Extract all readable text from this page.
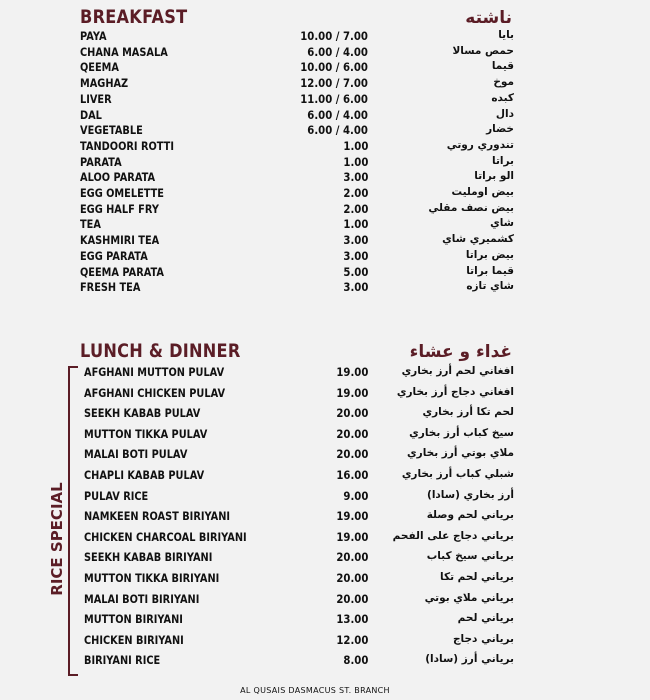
BREAKFAST	ناشته
PAYA	10.00 / 7.00	بايا
CHANA MASALA	6.00 / 4.00	حمص مسالا
QEEMA	10.00 / 6.00	قيما
MAGHAZ	12.00 / 7.00	موخ
LIVER	11.00 / 6.00	كبده
DAL	6.00 / 4.00	دال
VEGETABLE	6.00 / 4.00	خضار
TANDOORI ROTTI	1.00	تندوري روتي
PARATA	1.00	براتا
ALOO PARATA	3.00	الو براتا
EGG OMELETTE	2.00	بيض اومليت
EGG HALF FRY	2.00	بيض نصف مقلي
TEA	1.00	شاي
KASHMIRI TEA	3.00	كشميري شاي
EGG PARATA	3.00	بيض براتا
QEEMA PARATA	5.00	قيما براتا
FRESH TEA	3.00	شاي تازه
LUNCH & DINNER	غداء و عشاء
RICE SPECIAL
AFGHANI MUTTON PULAV	19.00	افغاني لحم أرز بخاري
AFGHANI CHICKEN PULAV	19.00	افغاني دجاج أرز بخاري
SEEKH KABAB PULAV	20.00	لحم تكا أرز بخاري
MUTTON TIKKA PULAV	20.00	سيخ كباب أرز بخاري
MALAI BOTI PULAV	20.00	ملاي بوتي أرز بخاري
CHAPLI KABAB PULAV	16.00	شبلي كباب أرز بخاري
PULAV RICE	9.00	أرز بخاري (سادا)
NAMKEEN ROAST BIRIYANI	19.00	برياني لحم وصلة
CHICKEN CHARCOAL BIRIYANI	19.00 برياني دجاج على الفحم
SEEKH KABAB BIRIYANI	20.00	برياني سيخ كباب
MUTTON TIKKA BIRIYANI	20.00	برياني لحم تكا
MALAI BOTI BIRIYANI	20.00	برياني ملاي بوتي
MUTTON BIRIYANI	13.00	برياني لحم
CHICKEN BIRIYANI	12.00	برياني دجاج
BIRIYANI RICE	8.00	برياني أرز (سادا)
AL QUSAIS DASMACUS ST. BRANCH
